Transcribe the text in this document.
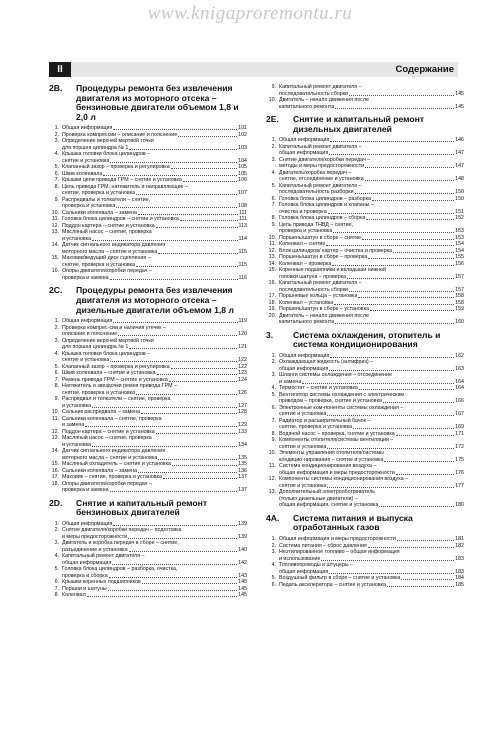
www.knigaproremontu.ru
II	Содержание
2B.	Процедуры ремонта без извлечения двигателя из моторного отсека – бензиновые двигатели объемом 1,8 и 2,0 л
1. Общая информация	101
2. Проверка компрессии – описание и пояснение	102
3. Определение верхней мертвой точки
для поршня цилиндра № 1	103
4. Крышка головки блока цилиндров –
снятие и установка	104
5. Клапанный зазор – проверка и регулировка	105
6. Шкив коленвала	105
7. Крышки цепи привода ГРМ – снятие и установка	106
8. Цепь привода ГРМ, натяжитель и направляющие –
снятие, проверка и установка	107
9. Распредвалы и толкатели – снятие,
проверка и установка	108
10. Сальники коленвала – замена	111
11. Головка блока цилиндров – снятие и установка	111
12. Поддон картера – снятие и установка	113
13. Масляный насос – снятие, проверка
и установка	114
14. Датчик сигнального индикатора давления
моторного масла – снятие и установка	115
15. Маховик/ведущий диск сцепления –
снятие, проверка и установка	115
16. Опоры двигателя/коробки передач –
проверка и замена	116
2C.	Процедуры ремонта без извлечения двигателя из моторного отсека – дизельные двигатели объемом 1,8 л
1. Общая информация	119
2. Проверка компрес-сии и наличия утечек –
описание и пояснение	120
3. Определение верхней мертвой точки
для поршня цилиндра № 1	121
4. Крышка головки блока цилиндров –
снятие и установка	122
5. Клапанный зазор – проверка и регулировка	122
6. Шкив коленвала – снятие и установка	123
7. Ремень привода ГРМ – снятие и установка	124
8. Натяжитель и звездочки ремня привода ГРМ –
снятие, проверка и установка	126
9. Распредвал и толкатели – снятие, проверка
и установка	127
10. Сальник распредвала – замена	128
11. Сальники коленвала – снятие, проверка
и замена	129
12. Поддон картера – снятие и установка	133
13. Масляный насос – снятие, проверка
и установка	134
14. Датчик сигнального индикатора давления
моторного масла – снятие и установка	135
15. Масляный охладитель – снятие и установка	135
16. Сальники коленвала – замена	136
17. Маховик – снятие, проверка и установка	137
18. Опоры двигателя/коробки передач –
проверка и замена	137
2D.	Снятие и капитальный ремонт бензиновых двигателей
1. Общая информация	139
2. Снятие двигателя/коробки передач – подготовка
и меры предосторожности	139
3. Двигатель и коробка передач в сборе – снятие,
разъединение и установка	140
4. Капитальный ремонт двигателя –
общая информация	142
5. Головка блока цилиндров – разборка, очистка,
проверка и сборка	143
6. Крышки коренных подшипников	145
7. Поршни и шатуны	145
8. Коленвал	145
9. Капитальный ремонт двигателя –
последовательность сборки	145
10. Двигатель – начало движения после
капитального ремонта	145
2E.	Снятие и капитальный ремонт дизельных двигателей
1. Общая информация	146
2. Капитальный ремонт двигателя –
общая информация	147
3. Снятие двигателя/коробки передач –
методы и меры предосторожности	147
4. Двигатель/коробка передач –
снятие, отсоединение и установка	148
5. Капитальный ремонт двигателя –
последовательность разборки	150
6. Головка блока цилиндров – разборка	150
7. Головка блока цилиндров и клапаны –
очистка и проверка	151
8. Головка блока цилиндров – сборка	152
9. Цепь привода ТНВД – снятие,
проверка и установка	153
10. Поршень/шатун в сборе – снятие	153
11. Коленвал – снятие	154
12. Блок цилиндров/ картер – очистка и проверка	154
13. Поршень/шатун в сборе – проверка	155
14. Коленвал – проверка	156
15. Коренные подшипники и вкладыши нижней
головки шатуна – проверка	157
16. Капитальный ремонт двигателя –
последовательность сборки	157
17. Поршневые кольца – установка	158
18. Коленвал – установка	158
19. Поршень/шатун в сборе – установка	159
20. Двигатель – начало движения после
капитального ремонта	160
3.	Система охлаждения, отопитель и система кондиционирования
1. Общая информация	162
2. Охлаждающая жидкость (антифриз) –
общая информация	163
3. Шланги системы охлаждения – отсоединение
и замена	164
4. Термостат – снятие и установка	164
5. Вентилятор системы охлаждения с электрическим
приводом – проверка, снятие и установка	166
6. Электронные ком-поненты системы охлаждения –
снятие и установка	167
7. Радиатор и расширительный бачок –
снятие, проверка и установка	169
8. Водяной насос – проверка, снятие и установка	171
9. Компоненты отопителя/системы вентиляции –
снятие и установка	172
10. Элементы управления отопителя/системы
кондицио-нирования – снятие и установка	175
11. Система кондиционирования воздуха –
общая информация и меры предосторожности	176
12. Компоненты системы кондиционирования воздуха –
снятие и установка	177
13. Дополнительный электрообогреватель
(только дизельные двигатели) –
общая информация, снятие и установка	180
4A.	Система питания и выпуска отработанных газов
1. Общая информация и меры предосторожности	181
2. Система питания – сброс давления	182
3. Неэтилированное топливо – общая информация
и использование	183
4. Топливопроводы и штуцеры –
общая информация	183
5. Воздушный фильтр в сборе – снятие и установка	184
6. Педаль акселератора – снятие и установка	185
